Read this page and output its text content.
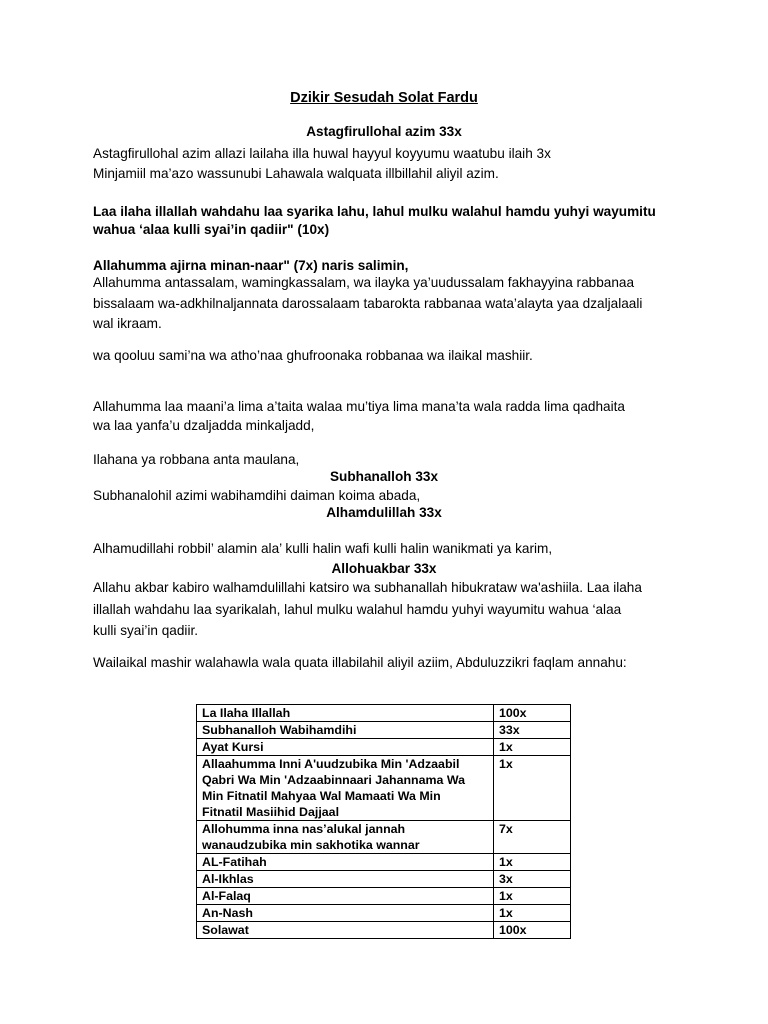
Dzikir Sesudah Solat Fardu

Astagfirullohal azim 33x

Astagfirullohal azim allazi lailaha illa huwal hayyul koyyumu waatubu ilaih 3x

Minjamiil ma’azo wassunubi Lahawala walquata illbillahil aliyil azim.

Laa ilaha illallah wahdahu laa syarika lahu, lahul mulku walahul hamdu yuhyi wayumitu

wahua ‘alaa kulli syai’in qadiir" (10x)

Allahumma ajirna minan-naar" (7x) naris salimin,

Allahumma antassalam, wamingkassalam, wa ilayka ya’uudussalam fakhayyina rabbanaa

bissalaam wa-adkhilnaljannata darossalaam tabarokta rabbanaa wata’alayta yaa dzaljalaali

wal ikraam.

wa qooluu sami’na wa atho’naa ghufroonaka robbanaa wa ilaikal mashiir.

Allahumma laa maani’a lima a’taita walaa mu’tiya lima mana’ta wala radda lima qadhaita

wa laa yanfa’u dzaljadda minkaljadd,

Ilahana ya robbana anta maulana,

Subhanalloh 33x

Subhanalohil azimi wabihamdihi daiman koima abada,

Alhamdulillah 33x

Alhamudillahi robbil’ alamin ala’ kulli halin wafi kulli halin wanikmati ya karim,

Allohuakbar 33x

Allahu akbar kabiro walhamdulillahi katsiro wa subhanallah hibukrataw wa'ashiila. Laa ilaha

illallah wahdahu laa syarikalah, lahul mulku walahul hamdu yuhyi wayumitu wahua ‘alaa

kulli syai’in qadiir.

Wailaikal mashir walahawla wala quata illabilahil aliyil aziim, Abduluzzikri faqlam annahu:

La Ilaha Illallah	100x

Subhanalloh Wabihamdihi	33x

Ayat Kursi	1x

Allaahumma Inni A'uudzubika Min 'Adzaabil
Qabri Wa Min 'Adzaabinnaari Jahannama Wa
Min Fitnatil Mahyaa Wal Mamaati Wa Min
Fitnatil Masiihid Dajjaal	1x

Allohumma inna nas’alukal jannah
wanaudzubika min sakhotika wannar	7x

AL-Fatihah	1x

Al-Ikhlas	3x

Al-Falaq	1x

An-Nash	1x

Solawat	100x
